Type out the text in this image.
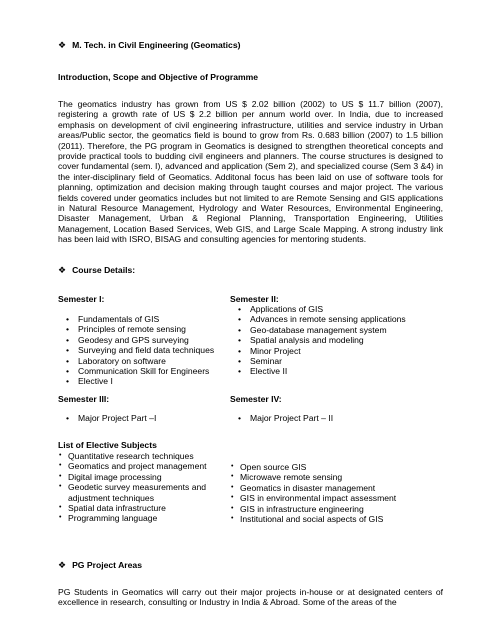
❖ M. Tech. in Civil Engineering (Geomatics)
Introduction, Scope and Objective of Programme
The geomatics industry has grown from US $ 2.02 billion (2002) to US $ 11.7 billion (2007), registering a growth rate of US $ 2.2 billion per annum world over. In India, due to increased emphasis on development of civil engineering infrastructure, utilities and service industry in Urban areas/Public sector, the geomatics field is bound to grow from Rs. 0.683 billion (2007) to 1.5 billion (2011). Therefore, the PG program in Geomatics is designed to strengthen theoretical concepts and provide practical tools to budding civil engineers and planners. The course structures is designed to cover fundamental (sem. I), advanced and application (Sem 2), and specialized course (Sem 3 &4) in the inter-disciplinary field of Geomatics. Additonal focus has been laid on use of software tools for planning, optimization and decision making through taught courses and major project. The various fields covered under geomatics includes but not limited to are Remote Sensing and GIS applications in Natural Resource Management, Hydrology and Water Resources, Environmental Engineering, Disaster Management, Urban & Regional Planning, Transportation Engineering, Utilities Management, Location Based Services, Web GIS, and Large Scale Mapping. A strong industry link has been laid with ISRO, BISAG and consulting agencies for mentoring students.
❖ Course Details:
Semester I:
• Fundamentals of GIS
• Principles of remote sensing
• Geodesy and GPS surveying
• Surveying and field data techniques
• Laboratory on software
• Communication Skill for Engineers
• Elective I
Semester II:
• Applications of GIS
• Advances in remote sensing applications
• Geo-database management system
• Spatial analysis and modeling
• Minor Project
• Seminar
• Elective II
Semester III:
• Major Project Part –I
Semester IV:
• Major Project Part – II
List of Elective Subjects
• Quantitative research techniques
• Geomatics and project management
• Digital image processing
• Geodetic survey measurements and
adjustment techniques
• Spatial data infrastructure
• Programming language
• Open source GIS
• Microwave remote sensing
• Geomatics in disaster management
• GIS in environmental impact assessment
• GIS in infrastructure engineering
• Institutional and social aspects of GIS
❖ PG Project Areas
PG Students in Geomatics will carry out their major projects in-house or at designated centers of excellence in research, consulting or Industry in India & Abroad. Some of the areas of the
